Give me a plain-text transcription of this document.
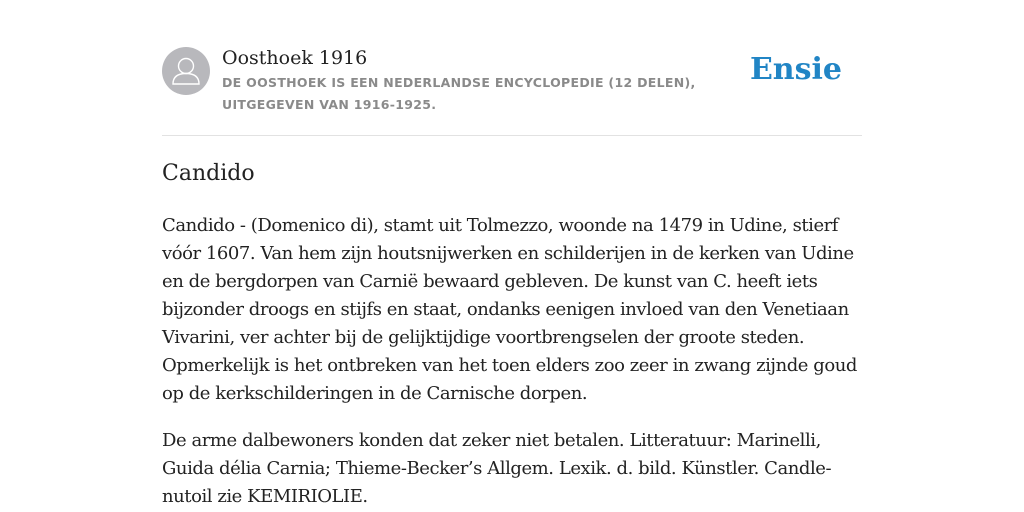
Oosthoek 1916
DE OOSTHOEK IS EEN NEDERLANDSE ENCYCLOPEDIE (12 DELEN), UITGEGEVEN VAN 1916-1925.
Ensie
Candido

Candido - (Domenico di), stamt uit Tolmezzo, woonde na 1479 in Udine, stierf vóór 1607. Van hem zijn houtsnijwerken en schilderijen in de kerken van Udine en de bergdorpen van Carnië bewaard gebleven. De kunst van C. heeft iets bijzonder droogs en stijfs en staat, ondanks eenigen invloed van den Venetiaan Vivarini, ver achter bij de gelijktijdige voortbrengselen der groote steden. Opmerkelijk is het ontbreken van het toen elders zoo zeer in zwang zijnde goud op de kerkschilderingen in de Carnische dorpen.

De arme dalbewoners konden dat zeker niet betalen. Litteratuur: Marinelli, Guida délia Carnia; Thieme-Becker’s Allgem. Lexik. d. bild. Künstler. Candle-nutoil zie KEMIRIOLIE.
